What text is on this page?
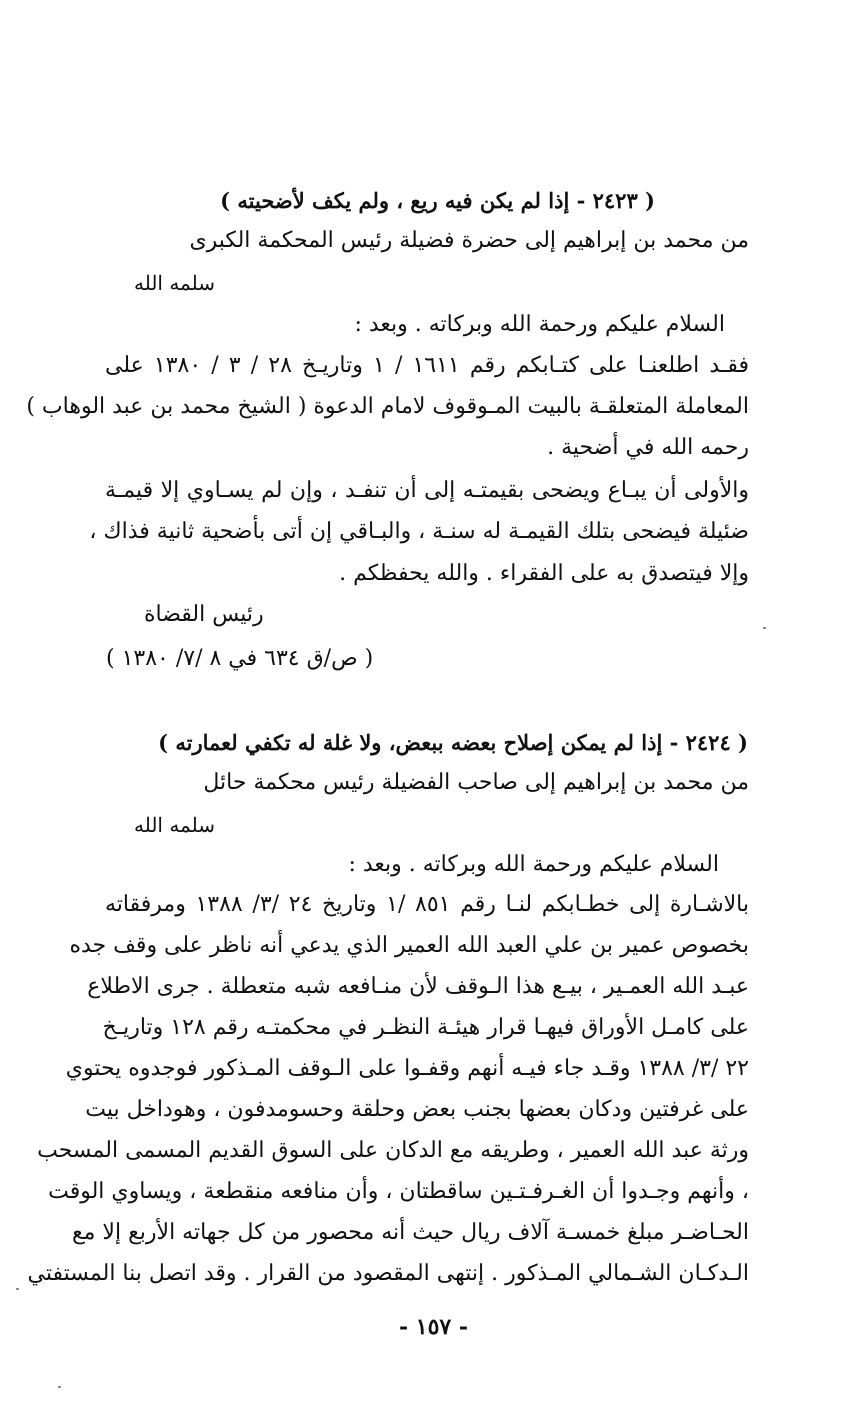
( ٢٤٢٣ - إذا لم يكن فيه ريع ، ولم يكف لأضحيته )
من محمد بن إبراهيم إلى حضرة فضيلة رئيس المحكمة الكبرى
سلمه الله
السلام عليكم ورحمة الله وبركاته . وبعد :
فقـد اطلعنـا على كتـابكم رقم ١٦١١ / ١ وتاريـخ ٢٨ / ٣ / ١٣٨٠ على
المعاملة المتعلقـة بالبيت المـوقوف لامام الدعوة ( الشيخ محمد بن عبد الوهاب )
رحمه الله في أضحية .
والأولى أن يبـاع ويضحى بقيمتـه إلى أن تنفـد ، وإن لم يسـاوي إلا قيمـة
ضئيلة فيضحى بتلك القيمـة له سنـة ، والبـاقي إن أتى بأضحية ثانية فذاك ،
وإلا فيتصدق به على الفقراء . والله يحفظكم .
رئيس القضاة
( ص/ق ٦٣٤ في ٨ /٧/ ١٣٨٠ )
( ٢٤٢٤ - إذا لم يمكن إصلاح بعضه ببعض، ولا غلة له تكفي لعمارته )
من محمد بن إبراهيم إلى صاحب الفضيلة رئيس محكمة حائل
سلمه الله
السلام عليكم ورحمة الله وبركاته . وبعد :
بالاشـارة إلى خطـابكم لنـا رقم ٨٥١ /١ وتاريخ ٢٤ /٣/ ١٣٨٨ ومرفقاته
بخصوص عمير بن علي العبد الله العمير الذي يدعي أنه ناظر على وقف جده
عبـد الله العمـير ، بيـع هذا الـوقف لأن منـافعه شبه متعطلة . جرى الاطلاع
على كامـل الأوراق فيهـا قرار هيئـة النظـر في محكمتـه رقم ١٢٨ وتاريـخ
٢٢ /٣/ ١٣٨٨ وقـد جاء فيـه أنهم وقفـوا على الـوقف المـذكور فوجدوه يحتوي
على غرفتين ودكان بعضها بجنب بعض وحلقة وحسومدفون ، وهوداخل بيت
ورثة عبد الله العمير ، وطريقه مع الدكان على السوق القديم المسمى المسحب
، وأنهم وجـدوا أن الغـرفـتـين ساقطتان ، وأن منافعه منقطعة ، ويساوي الوقت
الحـاضـر مبلغ خمسـة آلاف ريال حيث أنه محصور من كل جهاته الأربع إلا مع
الـدكـان الشـمالي المـذكور . إنتهى المقصود من القرار . وقد اتصل بنا المستفتي
- ١٥٧ -
